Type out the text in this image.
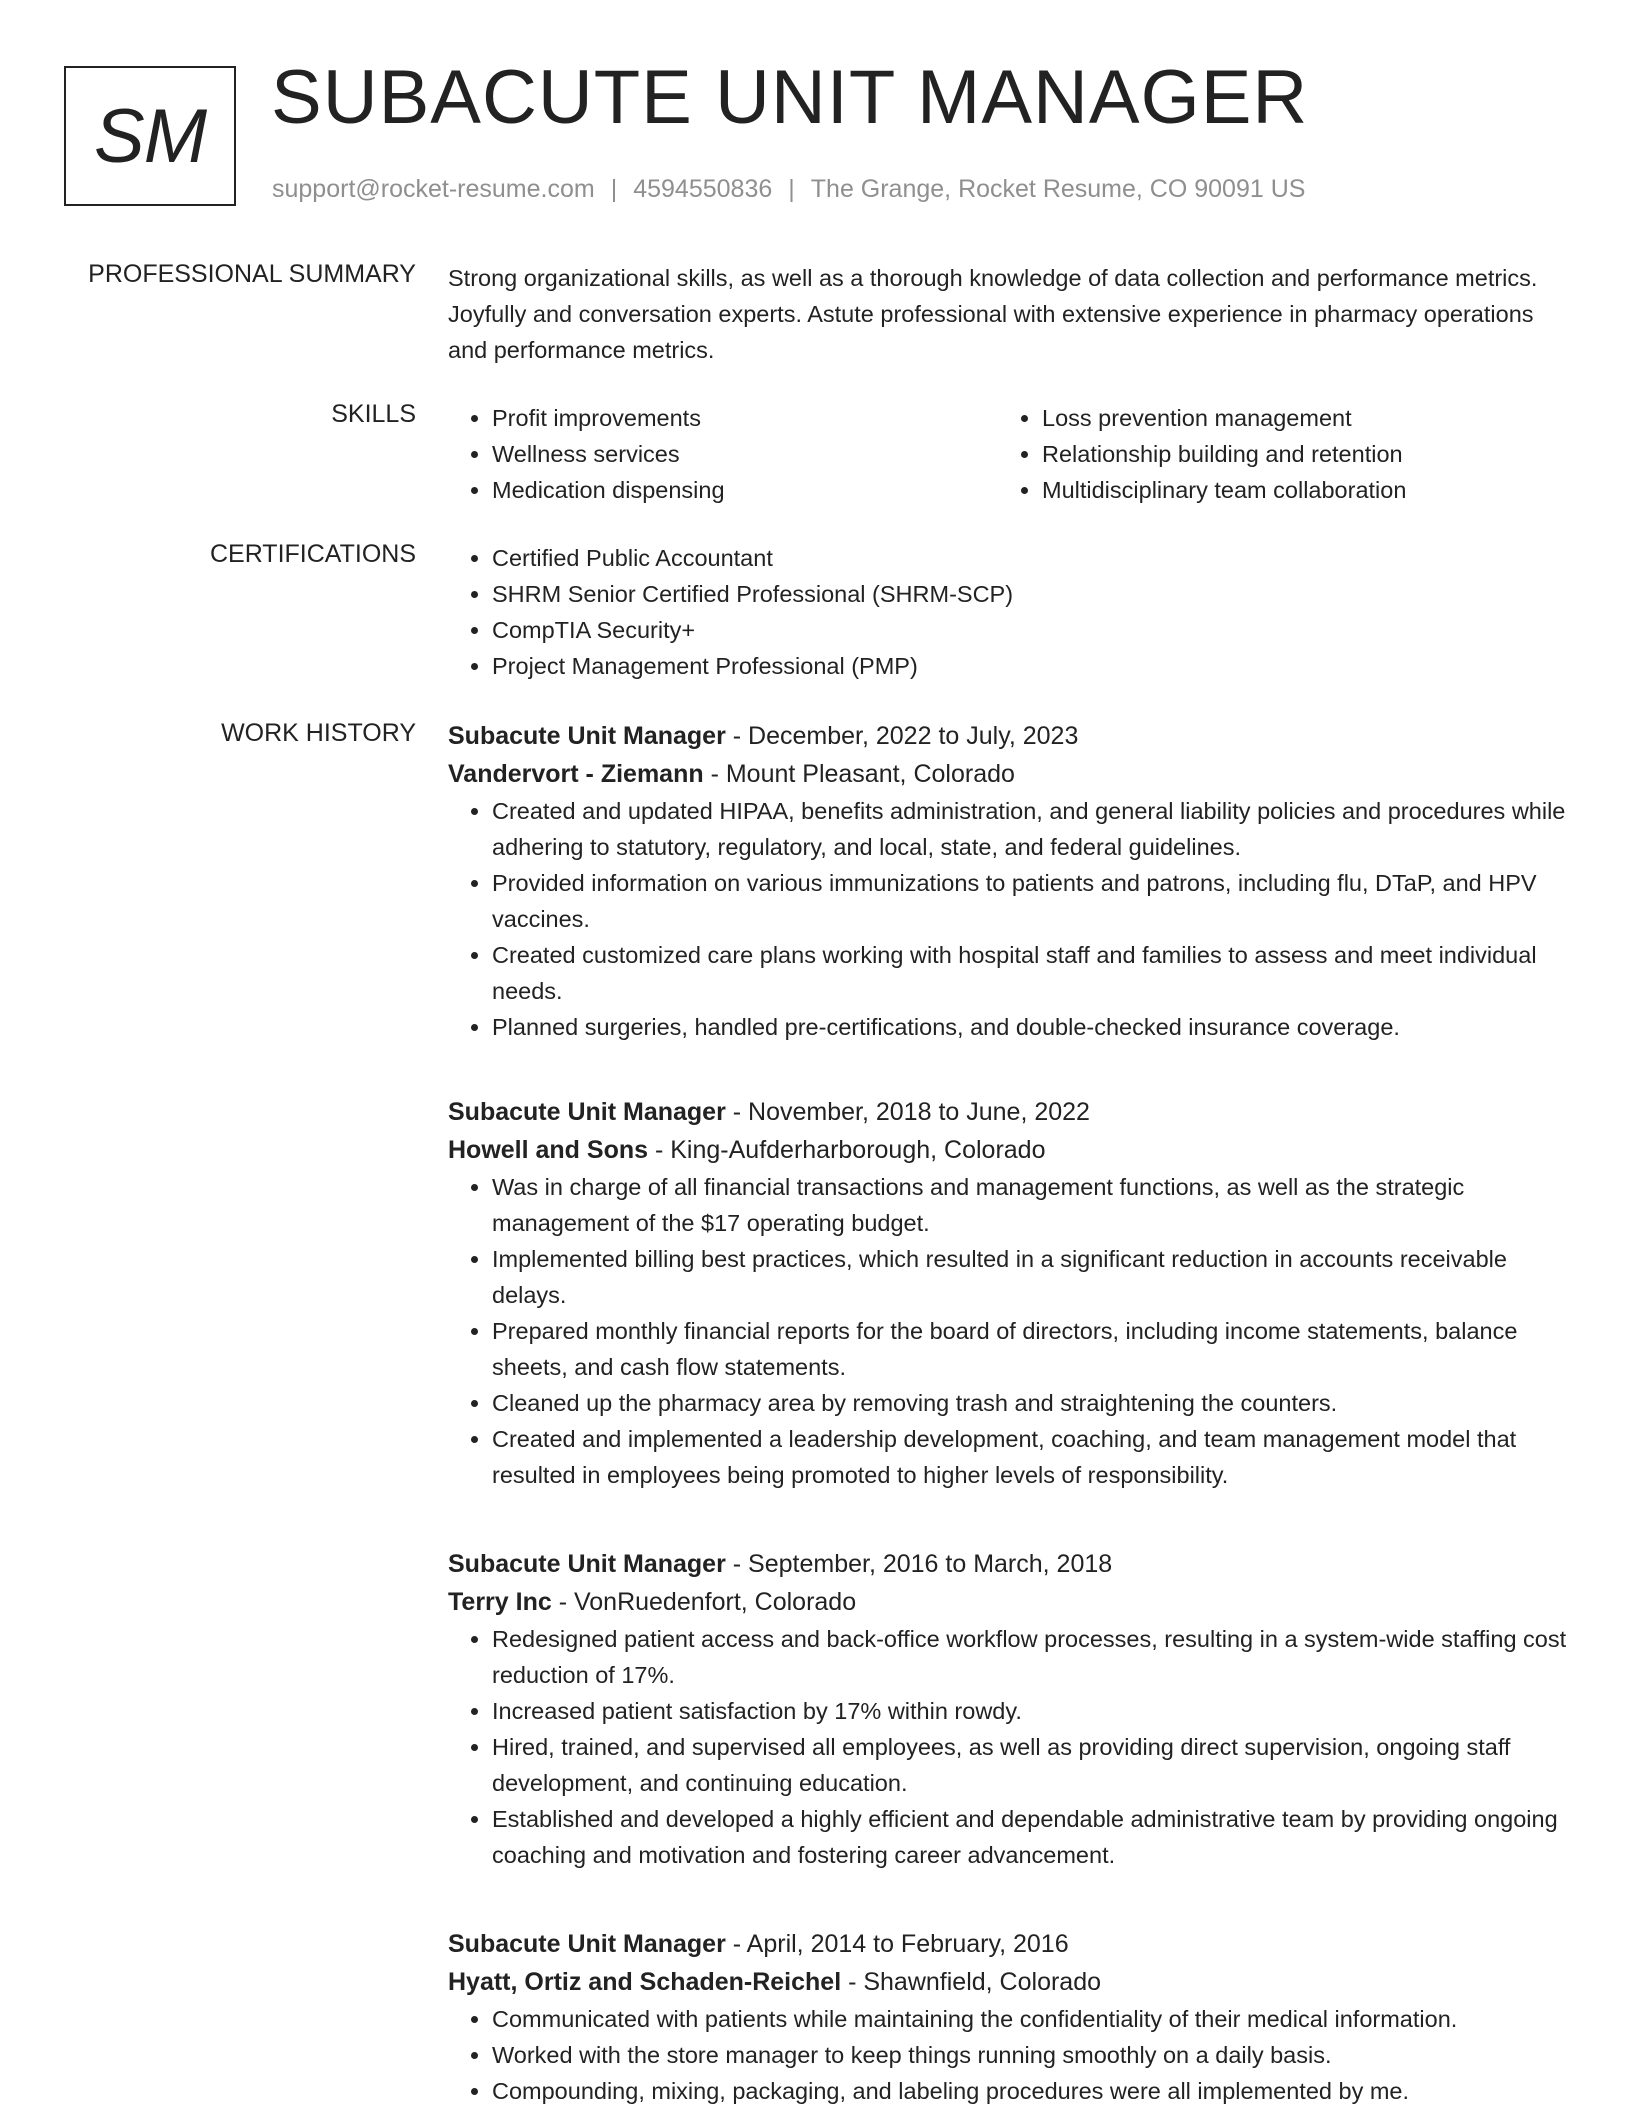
SM SUBACUTE UNIT MANAGER
support@rocket-resume.com | 4594550836 | The Grange, Rocket Resume, CO 90091 US
PROFESSIONAL SUMMARY Strong organizational skills, as well as a thorough knowledge of data collection and performance metrics. Joyfully and conversation experts. Astute professional with extensive experience in pharmacy operations and performance metrics.
SKILLS	• Profit improvements
• Wellness services
• Medication dispensing
• Loss prevention management
• Relationship building and retention
• Multidisciplinary team collaboration
CERTIFICATIONS	• Certified Public Accountant
• SHRM Senior Certified Professional (SHRM-SCP)
• CompTIA Security+
• Project Management Professional (PMP)
WORK HISTORY Subacute Unit Manager - December, 2022 to July, 2023
Vandervort - Ziemann - Mount Pleasant, Colorado
• Created and updated HIPAA, benefits administration, and general liability policies and procedures while adhering to statutory, regulatory, and local, state, and federal guidelines.
• Provided information on various immunizations to patients and patrons, including flu, DTaP, and HPV vaccines.
• Created customized care plans working with hospital staff and families to assess and meet individual needs.
• Planned surgeries, handled pre-certifications, and double-checked insurance coverage.
Subacute Unit Manager - November, 2018 to June, 2022
Howell and Sons - King-Aufderharborough, Colorado
• Was in charge of all financial transactions and management functions, as well as the strategic management of the $17 operating budget.
• Implemented billing best practices, which resulted in a significant reduction in accounts receivable delays.
• Prepared monthly financial reports for the board of directors, including income statements, balance sheets, and cash flow statements.
• Cleaned up the pharmacy area by removing trash and straightening the counters.
• Created and implemented a leadership development, coaching, and team management model that resulted in employees being promoted to higher levels of responsibility.
Subacute Unit Manager - September, 2016 to March, 2018
Terry Inc - VonRuedenfort, Colorado
• Redesigned patient access and back-office workflow processes, resulting in a system-wide staffing cost reduction of 17%.
• Increased patient satisfaction by 17% within rowdy.
• Hired, trained, and supervised all employees, as well as providing direct supervision, ongoing staff development, and continuing education.
• Established and developed a highly efficient and dependable administrative team by providing ongoing coaching and motivation and fostering career advancement.
Subacute Unit Manager - April, 2014 to February, 2016
Hyatt, Ortiz and Schaden-Reichel - Shawnfield, Colorado
• Communicated with patients while maintaining the confidentiality of their medical information.
• Worked with the store manager to keep things running smoothly on a daily basis.
• Compounding, mixing, packaging, and labeling procedures were all implemented by me.
